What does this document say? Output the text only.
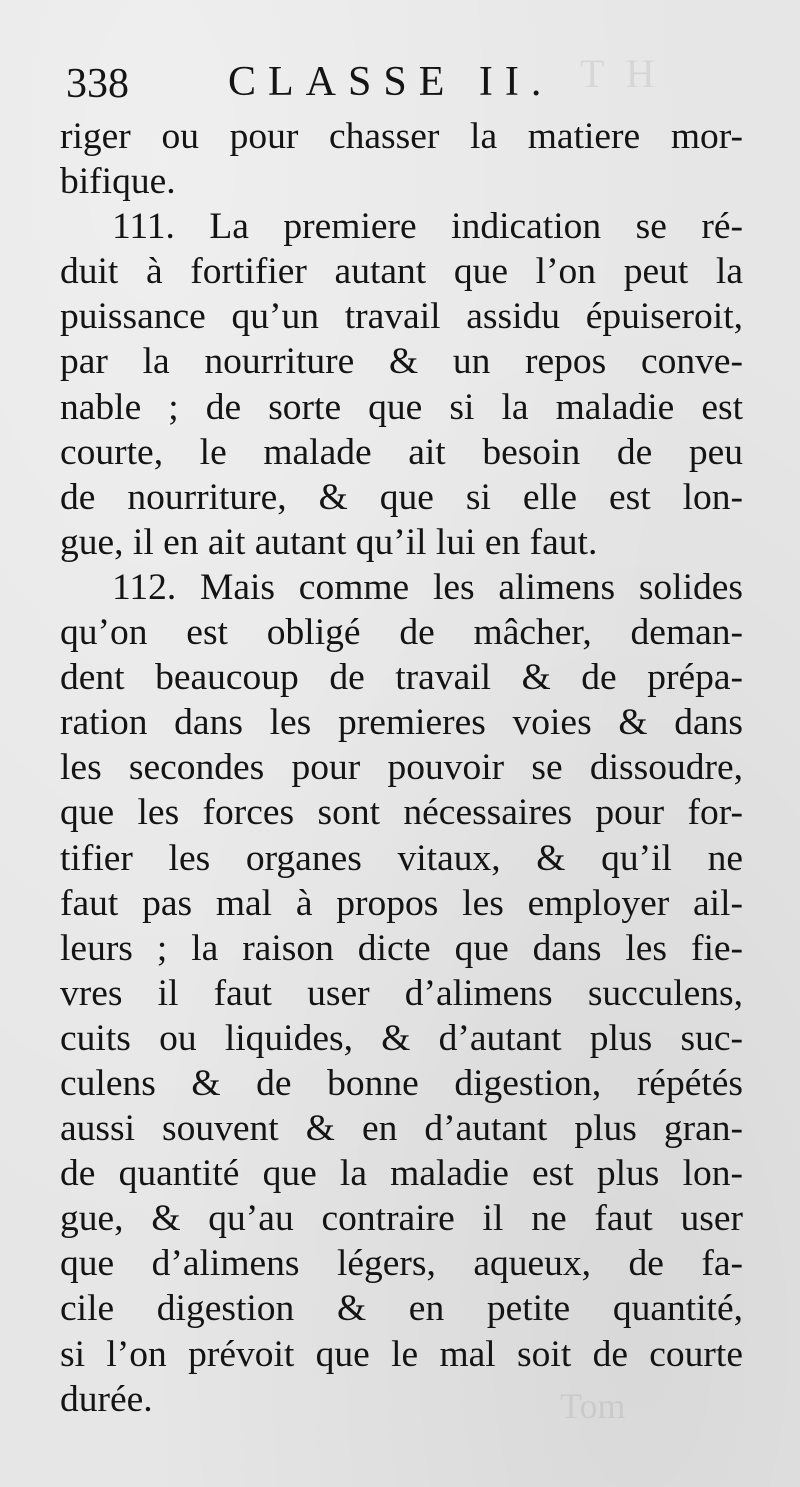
T H
Tom
338 CLASSE II.
riger ou pour chasser la matiere mor-
bifique.
111. La premiere indication se ré-
duit à fortifier autant que l’on peut la
puissance qu’un travail assidu épuiseroit,
par la nourriture & un repos conve-
nable ; de sorte que si la maladie est
courte, le malade ait besoin de peu
de nourriture, & que si elle est lon-
gue, il en ait autant qu’il lui en faut.
112. Mais comme les alimens solides
qu’on est obligé de mâcher, deman-
dent beaucoup de travail & de prépa-
ration dans les premieres voies & dans
les secondes pour pouvoir se dissoudre,
que les forces sont nécessaires pour for-
tifier les organes vitaux, & qu’il ne
faut pas mal à propos les employer ail-
leurs ; la raison dicte que dans les fie-
vres il faut user d’alimens succulens,
cuits ou liquides, & d’autant plus suc-
culens & de bonne digestion, répétés
aussi souvent & en d’autant plus gran-
de quantité que la maladie est plus lon-
gue, & qu’au contraire il ne faut user
que d’alimens légers, aqueux, de fa-
cile digestion & en petite quantité,
si l’on prévoit que le mal soit de courte
durée.
